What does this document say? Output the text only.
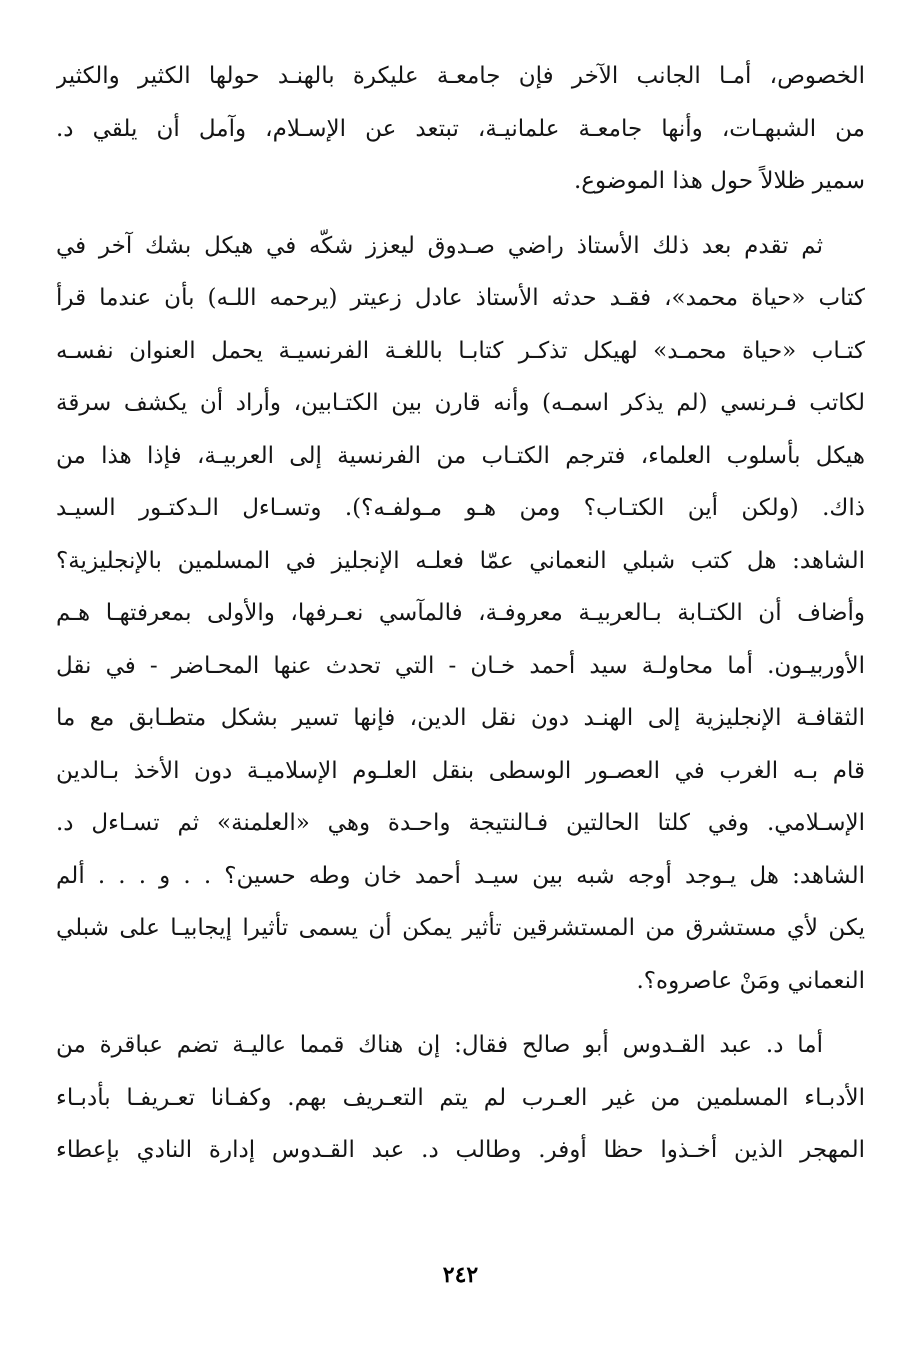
الخصوص، أمـا الجانب الآخر فإن جامعـة عليكرة بالهنـد حولها الكثير والكثير
من الشبهـات، وأنها جامعـة علمانيـة، تبتعد عن الإسـلام، وآمل أن يلقي د.
سمير ظلالاً حول هذا الموضوع.

ثم تقدم بعد ذلك الأستاذ راضي صـدوق ليعزز شكّه في هيكل بشك آخر في
كتاب «حياة محمد»، فقـد حدثه الأستاذ عادل زعيتر (يرحمه اللـه) بأن عندما قرأ
كتـاب «حياة محمـد» لهيكل تذكـر كتابـا باللغـة الفرنسيـة يحمل العنوان نفسـه
لكاتب فـرنسي (لم يذكر اسمـه) وأنه قارن بين الكتـابين، وأراد أن يكشف سرقة
هيكل بأسلوب العلماء، فترجم الكتـاب من الفرنسية إلى العربيـة، فإذا هذا من
ذاك. (ولكن أين الكتـاب؟ ومن هـو مـولفـه؟). وتسـاءل الـدكتـور السيـد
الشاهد: هل كتب شبلي النعماني عمّا فعلـه الإنجليز في المسلمين بالإنجليزية؟
وأضاف أن الكتـابة بـالعربيـة معروفـة، فالمآسي نعـرفها، والأولى بمعرفتهـا هـم
الأوربيـون. أما محاولـة سيد أحمد خـان - التي تحدث عنها المحـاضر - في نقل
الثقافـة الإنجليزية إلى الهنـد دون نقل الدين، فإنها تسير بشكل متطـابق مع ما
قام بـه الغرب في العصـور الوسطى بنقل العلـوم الإسلاميـة دون الأخذ بـالدين
الإسـلامي. وفي كلتا الحالتين فـالنتيجة واحـدة وهي «العلمنة» ثم تسـاءل د.
الشاهد: هل يـوجد أوجه شبه بين سيـد أحمد خان وطه حسين؟ . . و . . . ألم
يكن لأي مستشرق من المستشرقين تأثير يمكن أن يسمى تأثيرا إيجابيـا على شبلي
النعماني ومَنْ عاصروه؟.

أما د. عبد القـدوس أبو صالح فقال: إن هناك قمما عاليـة تضم عباقرة من
الأدبـاء المسلمين من غير العـرب لم يتم التعـريف بهم. وكفـانا تعـريفـا بأدبـاء
المهجر الذين أخـذوا حظا أوفر. وطالب د. عبد القـدوس إدارة النادي بإعطاء

٢٤٢
